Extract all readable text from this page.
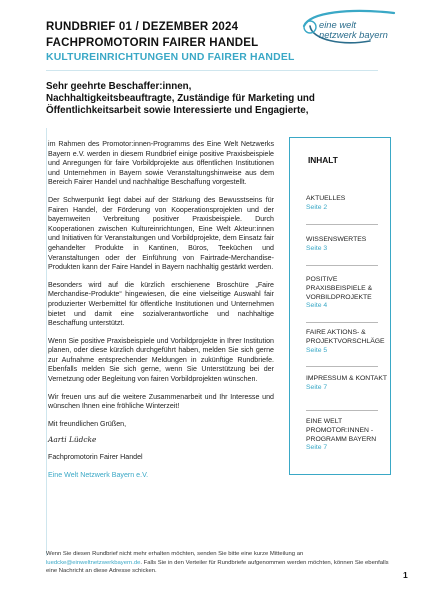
RUNDBRIEF 01 / DEZEMBER 2024
FACHPROMOTORIN FAIRER HANDEL
KULTUREINRICHTUNGEN UND FAIRER HANDEL
eine welt
netzwerk bayern
Sehr geehrte Beschaffer:innen, Nachhaltigkeitsbeauftragte, Zuständige für Marketing und Öffentlichkeitsarbeit sowie Interessierte und Engagierte,

im Rahmen des Promotor:innen-Programms des Eine Welt Netzwerks Bayern e.V. werden in diesem Rundbrief einige positive Praxisbeispiele und Anregungen für faire Vorbildprojekte aus öffentlichen Institutionen und Unternehmen in Bayern sowie Veranstaltungshinweise aus dem Bereich Fairer Handel und nachhaltige Beschaffung vorgestellt.

Der Schwerpunkt liegt dabei auf der Stärkung des Bewusstseins für Fairen Handel, der Förderung von Kooperationsprojekten und der bayernweiten Verbreitung positiver Praxisbeispiele. Durch Kooperationen zwischen Kultureinrichtungen, Eine Welt Akteur:innen und Initiativen für Veranstaltungen und Vorbildprojekte, dem Einsatz fair gehandelter Produkte in Kantinen, Büros, Teeküchen und Veranstaltungen oder der Einführung von Fairtrade-Merchandise-Produkten kann der Faire Handel in Bayern nachhaltig gestärkt werden.

Besonders wird auf die kürzlich erschienene Broschüre „Faire Merchandise-Produkte“ hingewiesen, die eine vielseitige Auswahl fair produzierter Werbemittel für öffentliche Institutionen und Unternehmen bietet und damit eine sozialverantwortliche und nachhaltige Beschaffung unterstützt.

Wenn Sie positive Praxisbeispiele und Vorbildprojekte in Ihrer Institution planen, oder diese kürzlich durchgeführt haben, melden Sie sich gerne zur Aufnahme entsprechender Meldungen in zukünftige Rundbriefe. Ebenfalls melden Sie sich gerne, wenn Sie Unterstützung bei der Vernetzung oder Begleitung von fairen Vorbildprojekten wünschen.

Wir freuen uns auf die weitere Zusammenarbeit und Ihr Interesse und wünschen Ihnen eine fröhliche Winterzeit!

Mit freundlichen Grüßen,

Aarti Lüdcke

Fachpromotorin Fairer Handel

Eine Welt Netzwerk Bayern e.V.

INHALT
AKTUELLES
Seite 2
WISSENSWERTES
Seite 3
POSITIVE PRAXISBEISPIELE & VORBILDPROJEKTE
Seite 4
FAIRE AKTIONS- & PROJEKTVORSCHLÄGE
Seite 5
IMPRESSUM & KONTAKT
Seite 7
EINE WELT PROMOTOR:INNEN - PROGRAMM BAYERN
Seite 7
Wenn Sie diesen Rundbrief nicht mehr erhalten möchten, senden Sie bitte eine kurze Mitteilung an
luedcke@einweltnetzwerkbayern.de. Falls Sie in den Verteiler für Rundbriefe aufgenommen werden möchten, können Sie ebenfalls eine Nachricht an diese Adresse schicken.	1
